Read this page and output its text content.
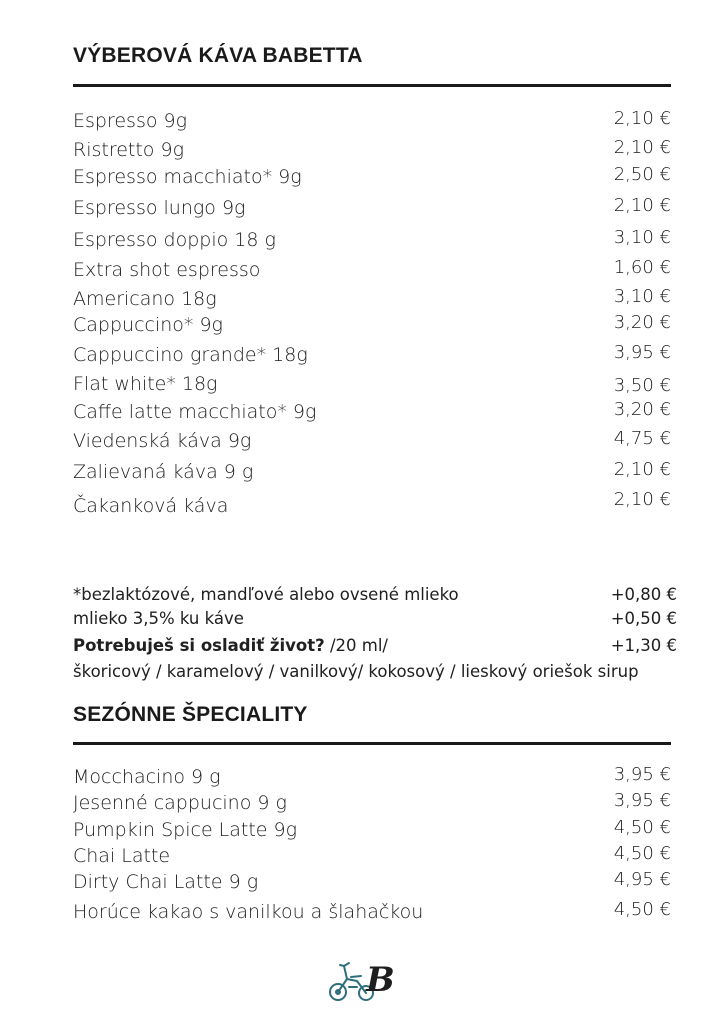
VÝBEROVÁ KÁVA BABETTA
Espresso 9g	2,10 €
Ristretto 9g	2,10 €
Espresso macchiato* 9g	2,50 €
Espresso lungo 9g	2,10 €
Espresso doppio 18 g	3,10 €
Extra shot espresso	1,60 €
Americano 18g	3,10 €
Cappuccino* 9g	3,20 €
Cappuccino grande* 18g	3,95 €
Flat white* 18g	3,50 €
Caffe latte macchiato* 9g	3,20 €
Viedenská káva 9g	4,75 €
Zalievaná káva 9 g	2,10 €
Čakanková káva	2,10 €
*bezlaktózové, mandľové alebo ovsené mlieko	+0,80 €
mlieko 3,5% ku káve	+0,50 €
Potrebuješ si osladiť život? /20 ml/	+1,30 €
škoricový / karamelový / vanilkový/ kokosový / lieskový oriešok sirup
SEZÓNNE ŠPECIALITY
Mocchacino 9 g	3,95 €
Jesenné cappucino 9 g	3,95 €
Pumpkin Spice Latte 9g	4,50 €
Chai Latte	4,50 €
Dirty Chai Latte 9 g	4,95 €
Horúce kakao s vanilkou a šlahačkou	4,50 €
B
